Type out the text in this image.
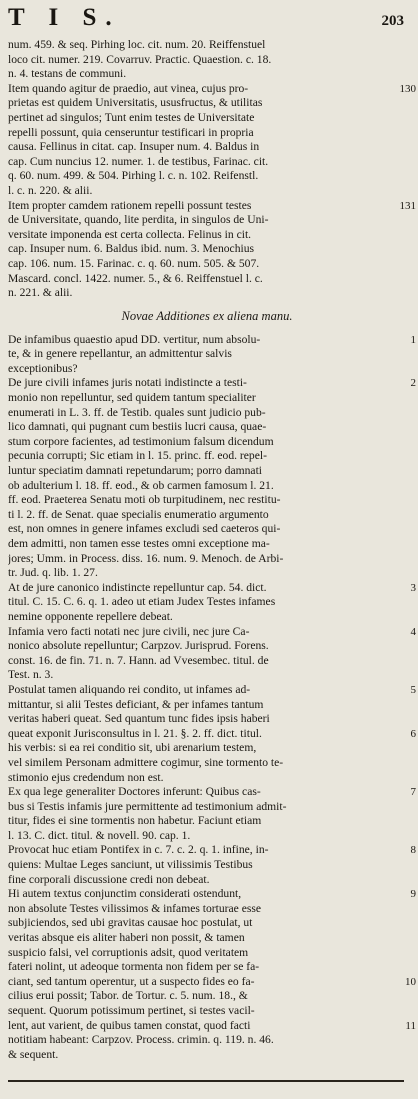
T I S.	203
num. 459. & seq. Pirhing loc. cit. num. 20. Reiffenstuel
loco cit. numer. 219. Covarruv. Practic. Quaestion. c. 18.
n. 4. testans de communi.
130
Item quando agitur de praedio, aut vinea, cujus pro-
prietas est quidem Universitatis, ususfructus, & utilitas
pertinet ad singulos; Tunt enim testes de Universitate
repelli possunt, quia censeruntur testificari in propria
causa. Fellinus in citat. cap. Insuper num. 4. Baldus in
cap. Cum nuncius 12. numer. 1. de testibus, Farinac. cit.
q. 60. num. 499. & 504. Pirhing l. c. n. 102. Reifenstl.
l. c. n. 220. & alii.
131
Item propter camdem rationem repelli possunt testes
de Universitate, quando, lite perdita, in singulos de Uni-
versitate imponenda est certa collecta. Felinus in cit.
cap. Insuper num. 6. Baldus ibid. num. 3. Menochius
cap. 106. num. 15. Farinac. c. q. 60. num. 505. & 507.
Mascard. concl. 1422. numer. 5., & 6. Reiffenstuel l. c.
n. 221. & alii.
Novae Additiones ex aliena manu.
1
De infamibus quaestio apud DD. vertitur, num absolu-
te, & in genere repellantur, an admittentur salvis
exceptionibus?
2
De jure civili infames juris notati indistincte a testi-
monio non repelluntur, sed quidem tantum specialiter
enumerati in L. 3. ff. de Testib. quales sunt judicio pub-
lico damnati, qui pugnant cum bestiis lucri causa, quae-
stum corpore facientes, ad testimonium falsum dicendum
pecunia corrupti; Sic etiam in l. 15. princ. ff. eod. repel-
luntur speciatim damnati repetundarum; porro damnati
ob adulterium l. 18. ff. eod., & ob carmen famosum l. 21.
ff. eod. Praeterea Senatu moti ob turpitudinem, nec restitu-
ti l. 2. ff. de Senat. quae specialis enumeratio argumento
est, non omnes in genere infames excludi sed caeteros qui-
dem admitti, non tamen esse testes omni exceptione ma-
jores; Umm. in Process. diss. 16. num. 9. Menoch. de Arbi-
tr. Jud. q. lib. 1. 27.
3
At de jure canonico indistincte repelluntur cap. 54. dict.
titul. C. 15. C. 6. q. 1. adeo ut etiam Judex Testes infames
nemine opponente repellere debeat.
4
Infamia vero facti notati nec jure civili, nec jure Ca-
nonico absolute repelluntur; Carpzov. Jurisprud. Forens.
const. 16. de fin. 71. n. 7. Hann. ad Vvesembec. titul. de
Test. n. 3.
5
6
Postulat tamen aliquando rei condito, ut infames ad-
mittantur, si alii Testes deficiant, & per infames tantum
veritas haberi queat. Sed quantum tunc fides ipsis haberi
queat exponit Jurisconsultus in l. 21. §. 2. ff. dict. titul.
his verbis: si ea rei conditio sit, ubi arenarium testem,
vel similem Personam admittere cogimur, sine tormento te-
stimonio ejus credendum non est.
7
Ex qua lege generaliter Doctores inferunt: Quibus cas-
bus si Testis infamis jure permittente ad testimonium admit-
titur, fides ei sine tormentis non habetur. Faciunt etiam
l. 13. C. dict. titul. & novell. 90. cap. 1.
8
Provocat huc etiam Pontifex in c. 7. c. 2. q. 1. infine, in-
quiens: Multae Leges sanciunt, ut vilissimis Testibus
fine corporali discussione credi non debeat.
9
10
11
Hi autem textus conjunctim considerati ostendunt,
non absolute Testes vilissimos & infames torturae esse
subjiciendos, sed ubi gravitas causae hoc postulat, ut
veritas absque eis aliter haberi non possit, & tamen
suspicio falsi, vel corruptionis adsit, quod veritatem
fateri nolint, ut adeoque tormenta non fidem per se fa-
ciant, sed tantum operentur, ut a suspecto fides eo fa-
cilius erui possit; Tabor. de Tortur. c. 5. num. 18., &
sequent. Quorum potissimum pertinet, si testes vacil-
lent, aut varient, de quibus tamen constat, quod facti
notitiam habeant: Carpzov. Process. crimin. q. 119. n. 46.
& sequent.
